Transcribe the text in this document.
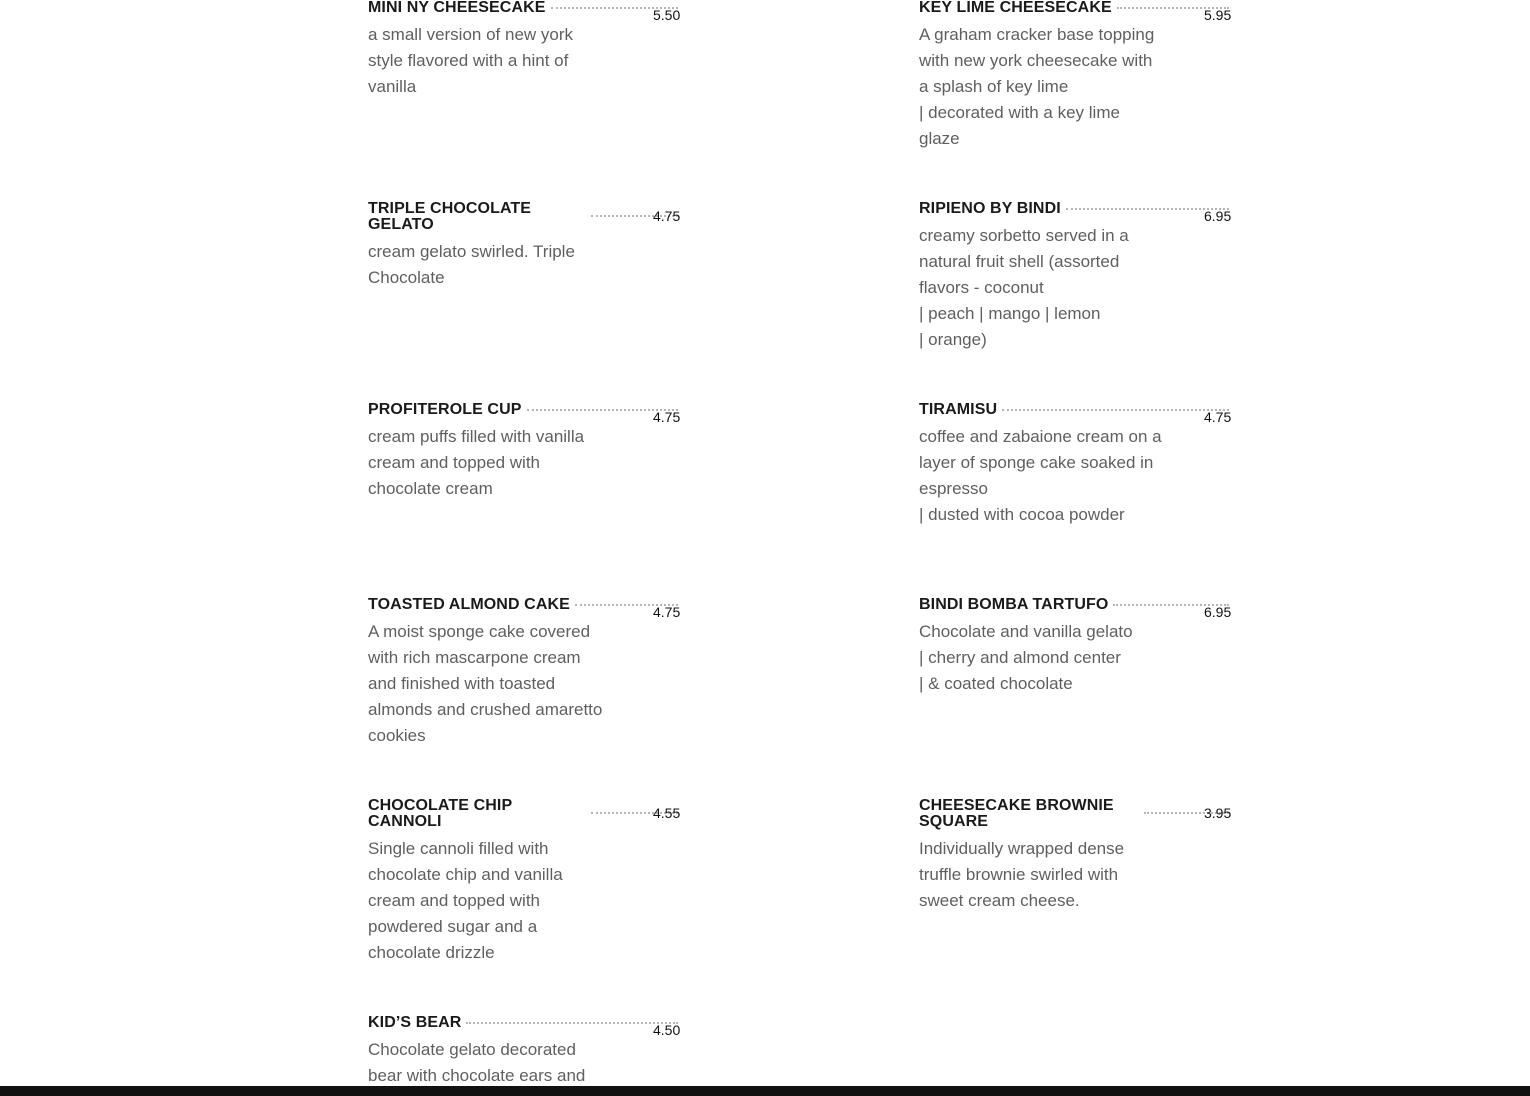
MINI NY CHEESECAKE	5.50
a small version of new york
style flavored with a hint of
vanilla
KEY LIME CHEESECAKE	5.95
A graham cracker base topping
with new york cheesecake with
a splash of key lime
| decorated with a key lime
glaze
TRIPLE CHOCOLATE GELATO	4.75
cream gelato swirled. Triple
Chocolate
RIPIENO BY BINDI	6.95
creamy sorbetto served in a
natural fruit shell (assorted
flavors - coconut
| peach | mango | lemon
| orange)
PROFITEROLE CUP	4.75
cream puffs filled with vanilla
cream and topped with
chocolate cream
TIRAMISU	4.75
coffee and zabaione cream on a
layer of sponge cake soaked in
espresso
| dusted with cocoa powder
TOASTED ALMOND CAKE	4.75
A moist sponge cake covered
with rich mascarpone cream
and finished with toasted
almonds and crushed amaretto
cookies
BINDI BOMBA TARTUFO	6.95
Chocolate and vanilla gelato
| cherry and almond center
| & coated chocolate
CHOCOLATE CHIP CANNOLI	4.55
Single cannoli filled with
chocolate chip and vanilla
cream and topped with
powdered sugar and a
chocolate drizzle
CHEESECAKE BROWNIE SQUARE	3.95
Individually wrapped dense
truffle brownie swirled with
sweet cream cheese.
KID’S BEAR	4.50
Chocolate gelato decorated
bear with chocolate ears and
